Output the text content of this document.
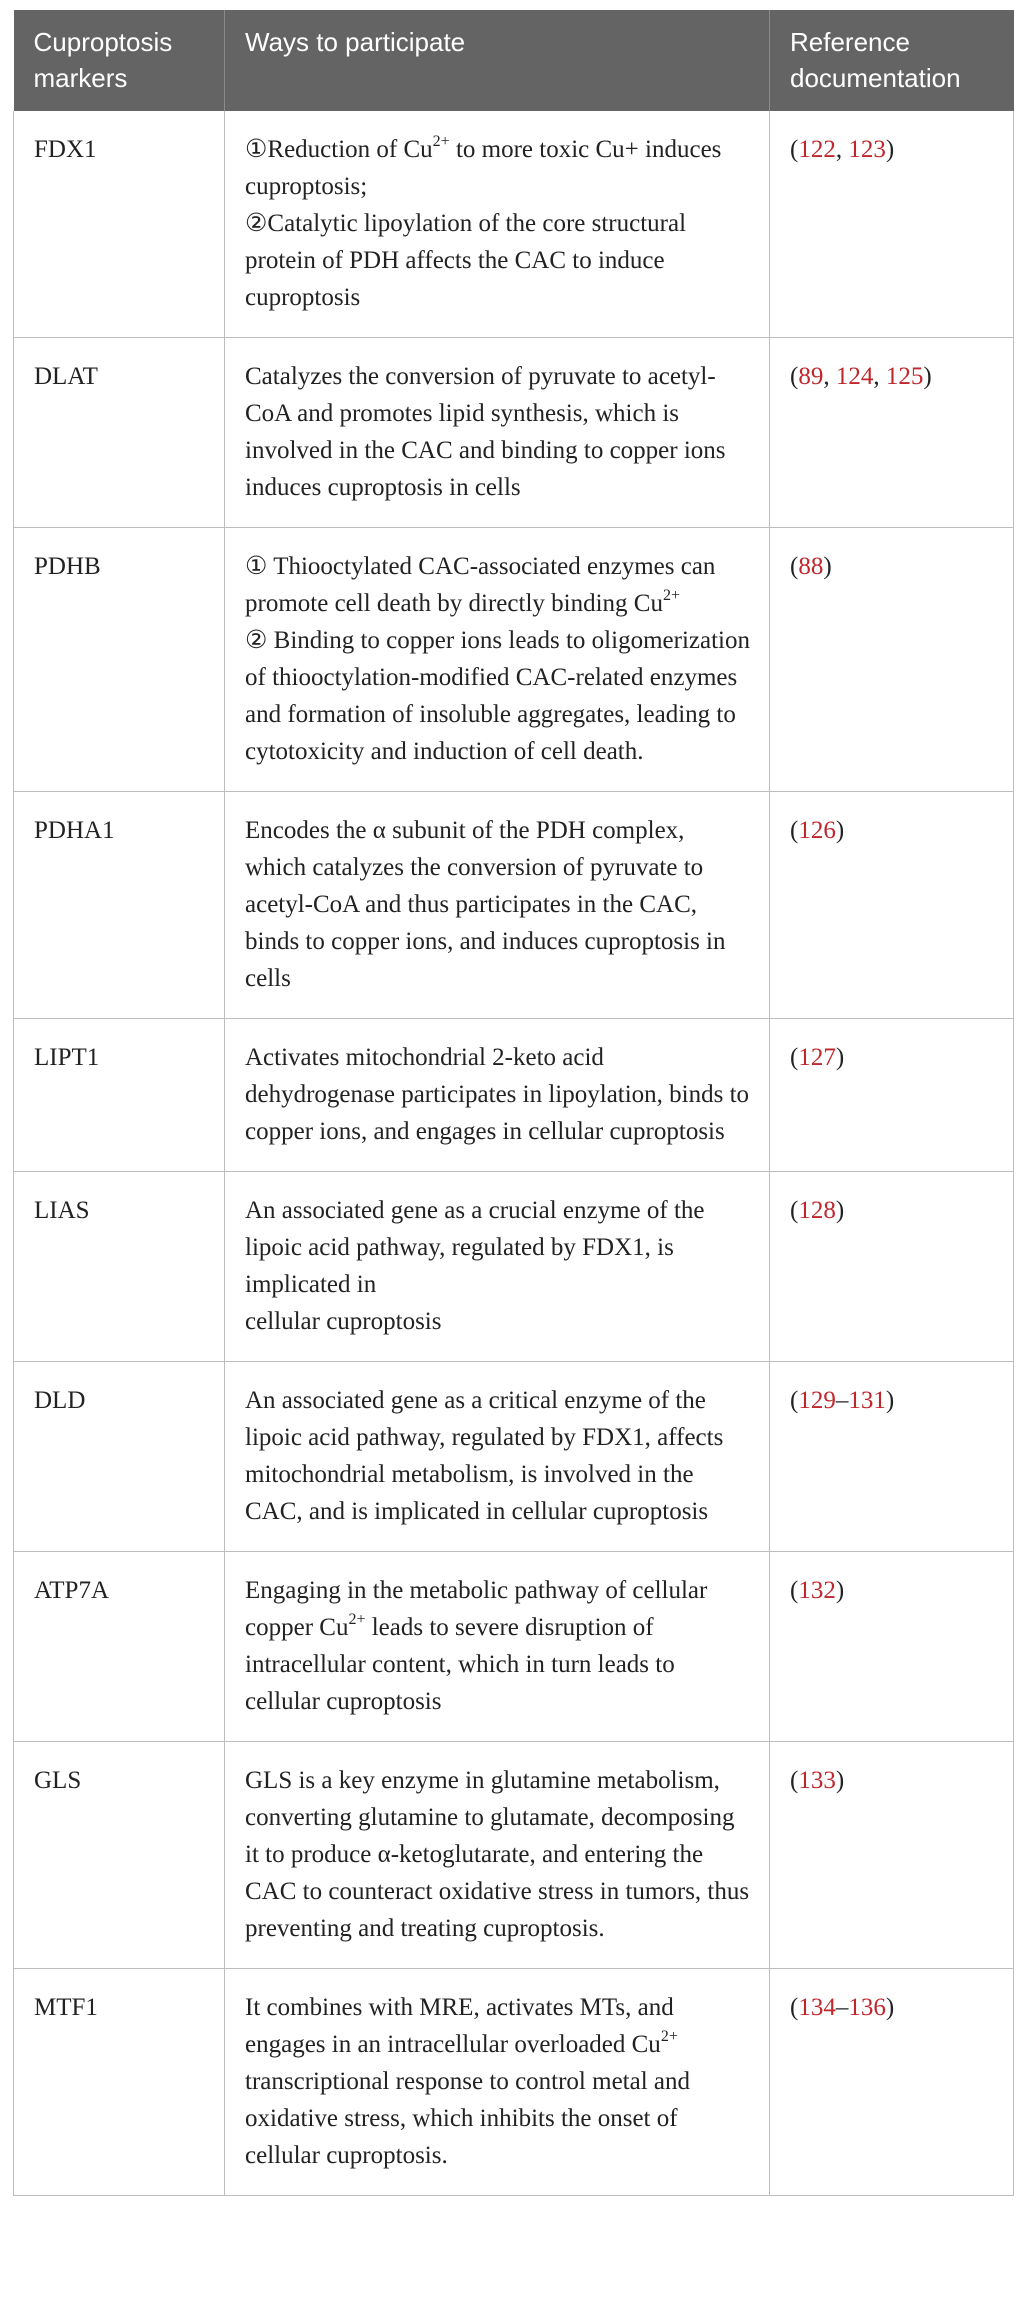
Cuproptosis
markers	Ways to participate	Reference
documentation

FDX1	①Reduction of $Cu^{2+}$ to more toxic Cu+ induces cuproptosis;
②Catalytic lipoylation of the core structural protein of PDH affects the CAC to induce cuproptosis	(122, 123)
DLAT	Catalyzes the conversion of pyruvate to acetyl-CoA and promotes lipid synthesis, which is involved in the CAC and binding to copper ions induces cuproptosis in cells	(89, 124, 125)
PDHB	① Thiooctylated CAC-associated enzymes can promote cell death by directly binding $Cu^{2+}$
② Binding to copper ions leads to oligomerization of thiooctylation-modified CAC-related enzymes and formation of insoluble aggregates, leading to cytotoxicity and induction of cell death.	(88)
PDHA1	Encodes the α subunit of the PDH complex, which catalyzes the conversion of pyruvate to acetyl-CoA and thus participates in the CAC, binds to copper ions, and induces cuproptosis in cells	(126)
LIPT1	Activates mitochondrial 2-keto acid dehydrogenase participates in lipoylation, binds to copper ions, and engages in cellular cuproptosis	(127)
LIAS	An associated gene as a crucial enzyme of the lipoic acid pathway, regulated by FDX1, is implicated in
cellular cuproptosis	(128)
DLD	An associated gene as a critical enzyme of the lipoic acid pathway, regulated by FDX1, affects mitochondrial metabolism, is involved in the CAC, and is implicated in cellular cuproptosis	(129–131)
ATP7A	Engaging in the metabolic pathway of cellular copper $Cu^{2+}$ leads to severe disruption of intracellular content, which in turn leads to cellular cuproptosis	(132)
GLS	GLS is a key enzyme in glutamine metabolism, converting glutamine to glutamate, decomposing it to produce α-ketoglutarate, and entering the CAC to counteract oxidative stress in tumors, thus preventing and treating cuproptosis.	(133)
MTF1	It combines with MRE, activates MTs, and engages in an intracellular overloaded $Cu^{2+}$ transcriptional response to control metal and oxidative stress, which inhibits the onset of cellular cuproptosis.	(134–136)
